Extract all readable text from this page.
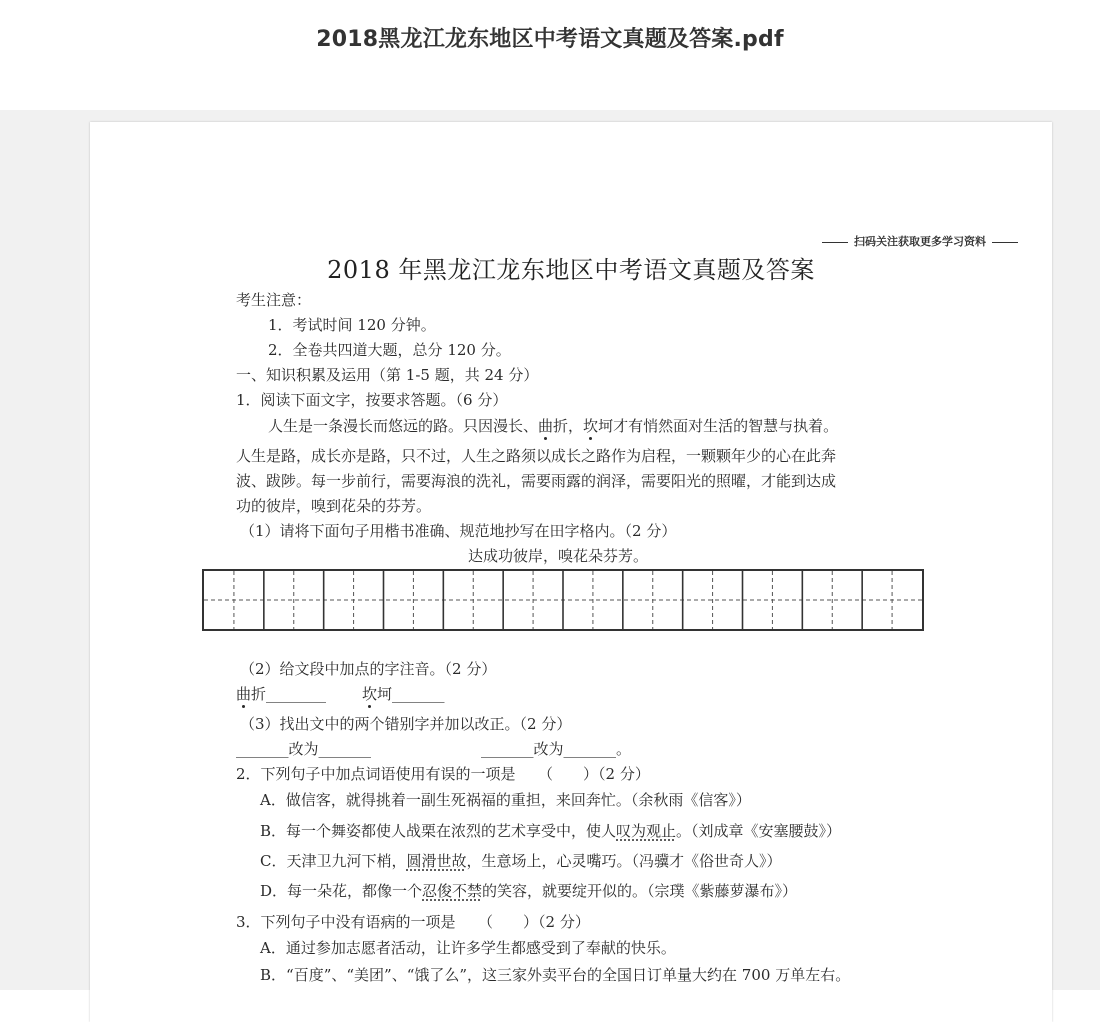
2018黑龙江龙东地区中考语文真题及答案.pdf
扫码关注获取更多学习资料
2018 年黑龙江龙东地区中考语文真题及答案
考生注意：
1．考试时间 120 分钟。
2．全卷共四道大题，总分 120 分。
一、知识积累及运用（第 1-5 题，共 24 分）
1．阅读下面文字，按要求答题。（6 分）
人生是一条漫长而悠远的路。只因漫长、曲折，坎坷才有悄然面对生活的智慧与执着。
人生是路，成长亦是路，只不过，人生之路须以成长之路作为启程，一颗颗年少的心在此奔
波、跋陟。每一步前行，需要海浪的洗礼，需要雨露的润泽，需要阳光的照曜，才能到达成
功的彼岸，嗅到花朵的芬芳。
（1）请将下面句子用楷书准确、规范地抄写在田字格内。（2 分）
达成功彼岸，嗅花朵芬芳。
（2）给文段中加点的字注音。（2 分）
曲折________ 坎坷_______
（3）找出文中的两个错别字并加以改正。（2 分）
_______改为_______	_______改为_______。
2．下列句子中加点词语使用有误的一项是　　（　　）（2 分）
A．做信客，就得挑着一副生死祸福的重担，来回奔忙。（余秋雨《信客》）
B．每一个舞姿都使人战栗在浓烈的艺术享受中，使人叹为观止。（刘成章《安塞腰鼓》）
C．天津卫九河下梢，圆滑世故，生意场上，心灵嘴巧。（冯骥才《俗世奇人》）
D．每一朵花，都像一个忍俊不禁的笑容，就要绽开似的。（宗璞《紫藤萝瀑布》）
3．下列句子中没有语病的一项是　　（　　）（2 分）
A．通过参加志愿者活动，让许多学生都感受到了奉献的快乐。
B．“百度”、“美团”、“饿了么”，这三家外卖平台的全国日订单量大约在 700 万单左右。
